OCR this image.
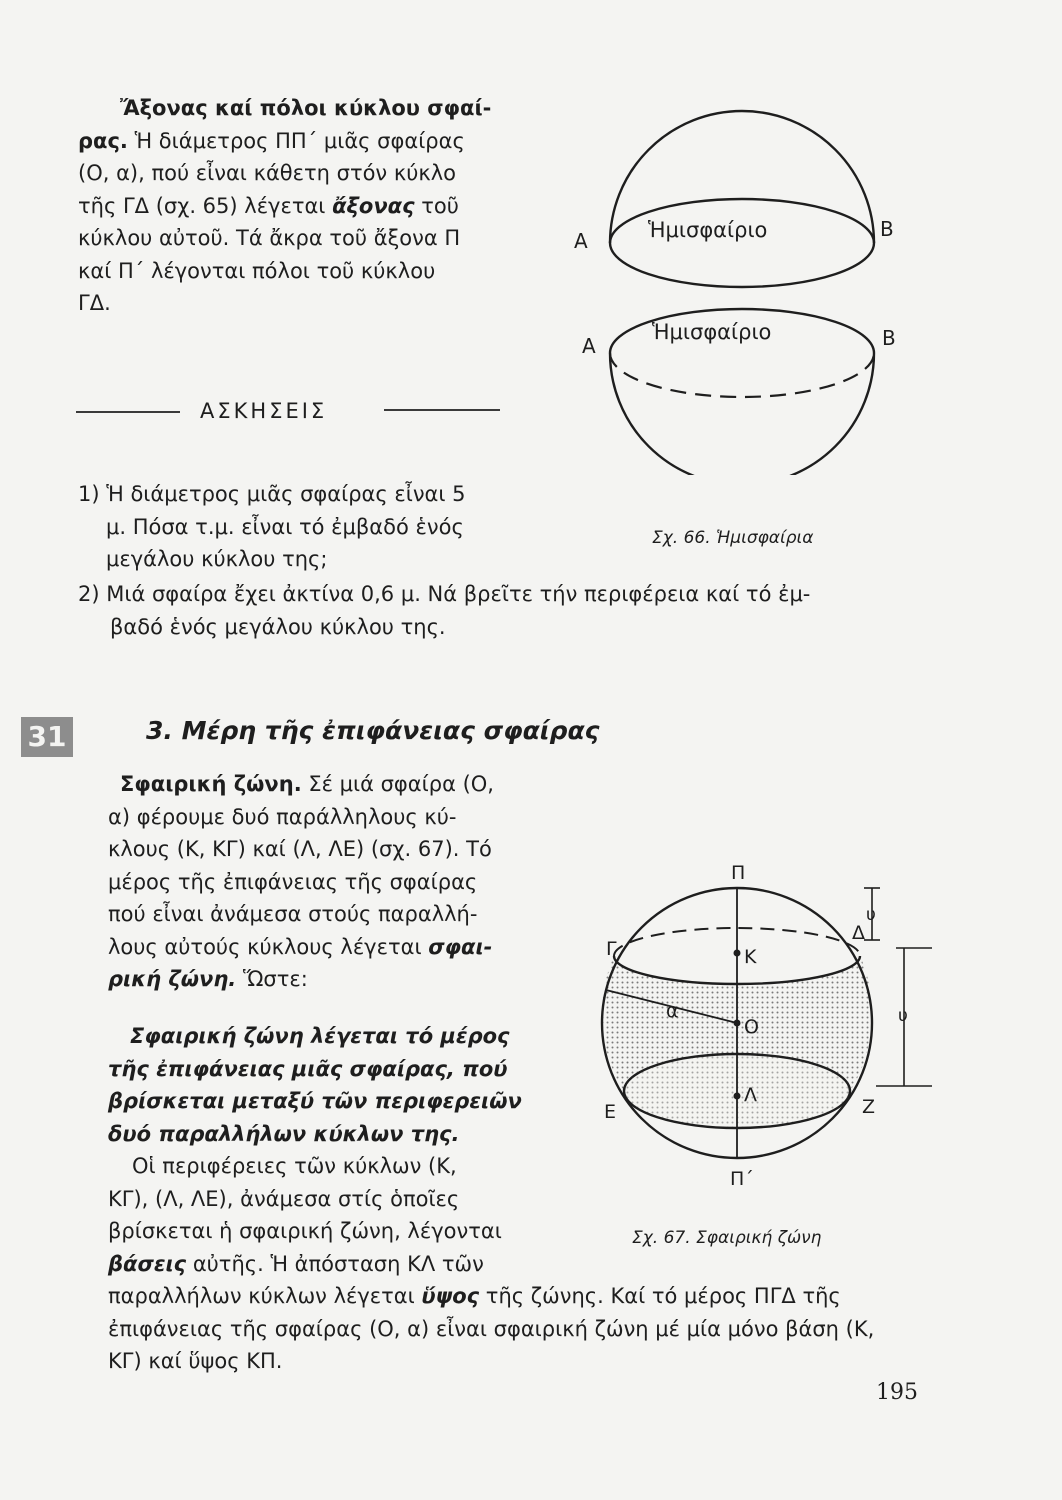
Ἄξονας καί πόλοι κύκλου σφαί-
ρας. Ἡ διάμετρος ΠΠ΄ μιᾶς σφαίρας
(Ο, α), πού εἶναι κάθετη στόν κύκλο
τῆς ΓΔ (σχ. 65) λέγεται ἄξονας τοῦ
κύκλου αὐτοῦ. Τά ἄκρα τοῦ ἄξονα Π
καί Π΄ λέγονται πόλοι τοῦ κύκλου
ΓΔ.
ΑΣΚΗΣΕΙΣ
1) Ἡ διάμετρος μιᾶς σφαίρας εἶναι 5
μ. Πόσα τ.μ. εἶναι τό ἐμβαδό ἑνός
μεγάλου κύκλου της;
2) Μιά σφαίρα ἔχει ἀκτίνα 0,6 μ. Νά βρεῖτε τήν περιφέρεια καί τό ἐμ-
βαδό ἑνός μεγάλου κύκλου της.
A	B
Ἡμισφαίριο
A	B
Ἡμισφαίριο
Σχ. 66. Ἡμισφαίρια
31	3. Μέρη τῆς ἐπιφάνειας σφαίρας
Σφαιρική ζώνη. Σέ μιά σφαίρα (Ο,
α) φέρουμε δυό παράλληλους κύ-
κλους (Κ, ΚΓ) καί (Λ, ΛΕ) (σχ. 67). Τό
μέρος τῆς ἐπιφάνειας τῆς σφαίρας
πού εἶναι ἀνάμεσα στούς παραλλή-
λους αὐτούς κύκλους λέγεται σφαι-
ρική ζώνη. Ὥστε:
Σφαιρική ζώνη λέγεται τό μέρος
τῆς ἐπιφάνειας μιᾶς σφαίρας, πού
βρίσκεται μεταξύ τῶν περιφερειῶν
δυό παραλλήλων κύκλων της.
Οἱ περιφέρειες τῶν κύκλων (Κ,
ΚΓ), (Λ, ΛΕ), ἀνάμεσα στίς ὁποῖες
βρίσκεται ἡ σφαιρική ζώνη, λέγονται
βάσεις αὐτῆς. Ἡ ἀπόσταση ΚΛ τῶν
παραλλήλων κύκλων λέγεται ὕψος τῆς ζώνης. Καί τό μέρος ΠΓΔ τῆς
ἐπιφάνειας τῆς σφαίρας (Ο, α) εἶναι σφαιρική ζώνη μέ μία μόνο βάση (Κ,
ΚΓ) καί ὕψος ΚΠ.
Π
Π΄
Γ
Δ
Κ
Ο
Λ
Ε	Ζ
α
υ
υ
Σχ. 67. Σφαιρική ζώνη
195
